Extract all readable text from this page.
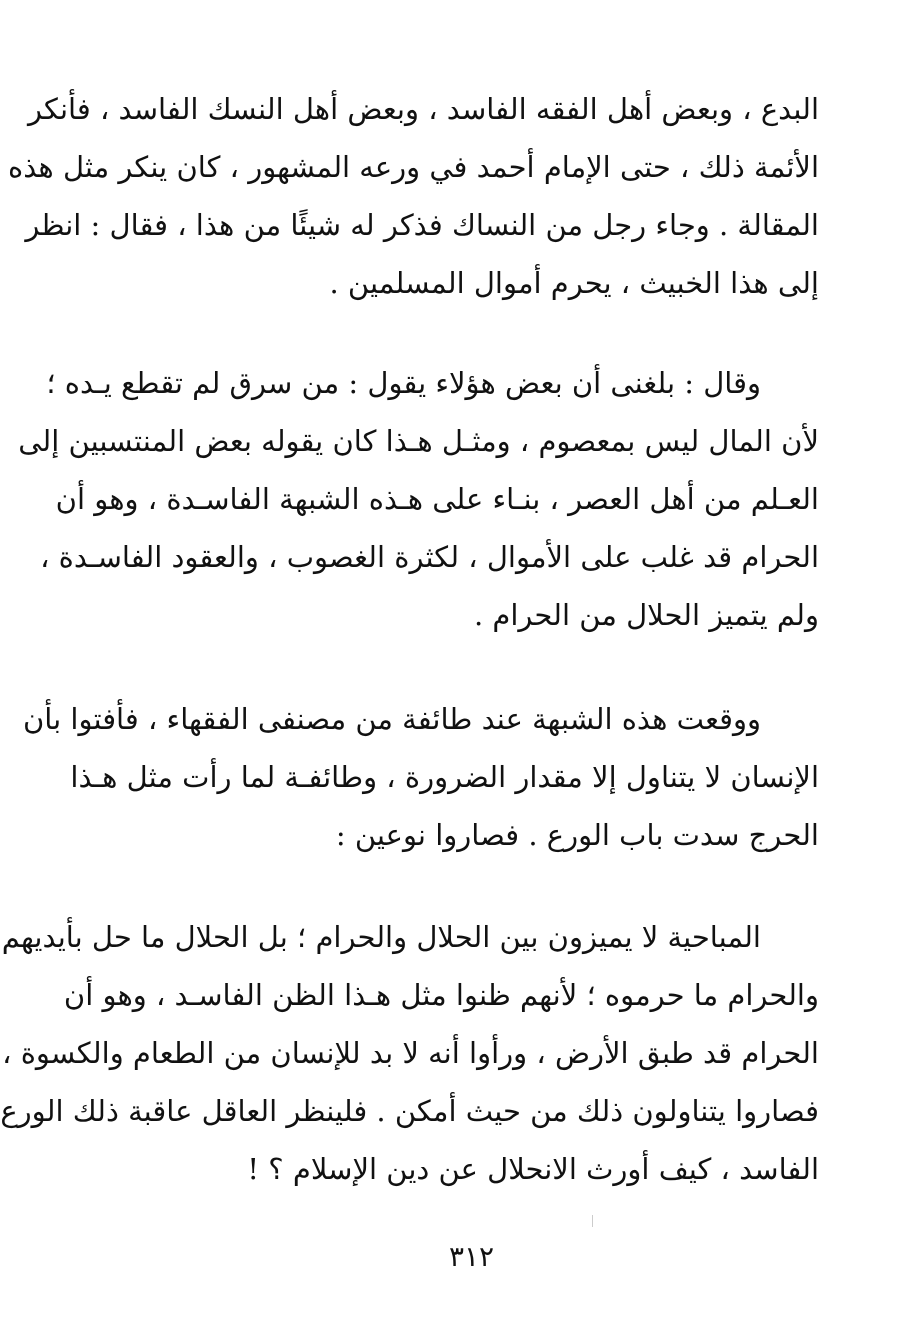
البدع ، وبعض أهل الفقه الفاسد ، وبعض أهل النسك الفاسد ، فأنكر
الأئمة ذلك ، حتى الإمام أحمد في ورعه المشهور ، كان ينكر مثل هذه
المقالة . وجاء رجل من النساك فذكر له شيئًا من هذا ، فقال : انظر
إلى هذا الخبيث ، يحرم أموال المسلمين .
وقال : بلغنى أن بعض هؤلاء يقول : من سرق لم تقطع يـده ؛
لأن المال ليس بمعصوم ، ومثـل هـذا كان يقوله بعض المنتسبين إلى
العـلم من أهل العصر ، بنـاء على هـذه الشبهة الفاسـدة ، وهو أن
الحرام قد غلب على الأموال ، لكثرة الغصوب ، والعقود الفاسـدة ،
ولم يتميز الحلال من الحرام .
ووقعت هذه الشبهة عند طائفة من مصنفى الفقهاء ، فأفتوا بأن
الإنسان لا يتناول إلا مقدار الضرورة ، وطائفـة لما رأت مثل هـذا
الحرج سدت باب الورع . فصاروا نوعين :
المباحية لا يميزون بين الحلال والحرام ؛ بل الحلال ما حل بأيديهم
والحرام ما حرموه ؛ لأنهم ظنوا مثل هـذا الظن الفاسـد ، وهو أن
الحرام قد طبق الأرض ، ورأوا أنه لا بد للإنسان من الطعام والكسوة ،
فصاروا يتناولون ذلك من حيث أمكن . فلينظر العاقل عاقبة ذلك الورع
الفاسد ، كيف أورث الانحلال عن دين الإسلام ؟ !
٣١٢
